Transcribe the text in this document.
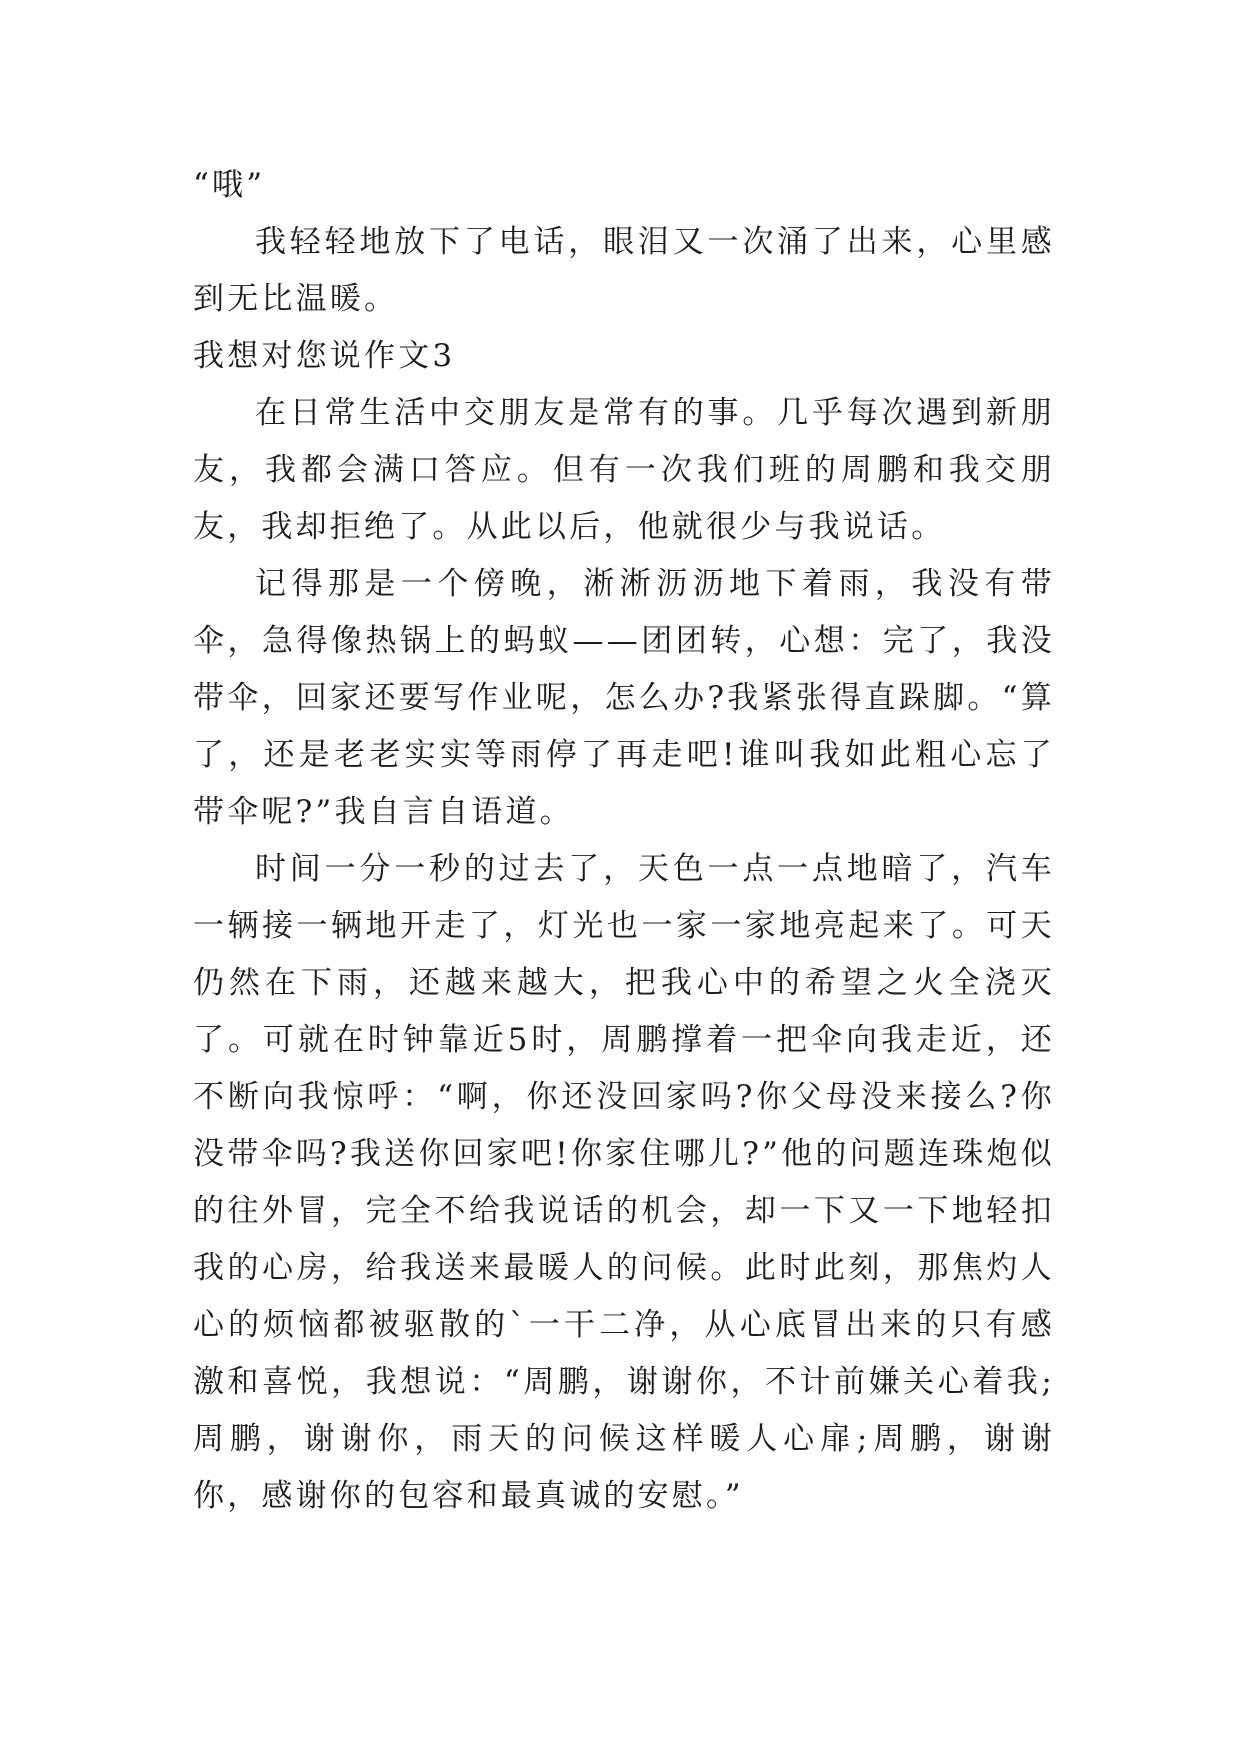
“哦”

我轻轻地放下了电话，眼泪又一次涌了出来，心里感到无比温暖。

我想对您说作文3

在日常生活中交朋友是常有的事。几乎每次遇到新朋友，我都会满口答应。但有一次我们班的周鹏和我交朋友，我却拒绝了。从此以后，他就很少与我说话。

记得那是一个傍晚，淅淅沥沥地下着雨，我没有带伞，急得像热锅上的蚂蚁——团团转，心想：完了，我没带伞，回家还要写作业呢，怎么办?我紧张得直跺脚。“算了，还是老老实实等雨停了再走吧!谁叫我如此粗心忘了带伞呢?”我自言自语道。

时间一分一秒的过去了，天色一点一点地暗了，汽车一辆接一辆地开走了，灯光也一家一家地亮起来了。可天仍然在下雨，还越来越大，把我心中的希望之火全浇灭了。可就在时钟靠近5时，周鹏撑着一把伞向我走近，还不断向我惊呼：“啊，你还没回家吗?你父母没来接么?你没带伞吗?我送你回家吧!你家住哪儿?”他的问题连珠炮似的往外冒，完全不给我说话的机会，却一下又一下地轻扣我的心房，给我送来最暖人的问候。此时此刻，那焦灼人心的烦恼都被驱散的`一干二净，从心底冒出来的只有感激和喜悦，我想说：“周鹏，谢谢你，不计前嫌关心着我;周鹏，谢谢你，雨天的问候这样暖人心扉;周鹏，谢谢你，感谢你的包容和最真诚的安慰。”
